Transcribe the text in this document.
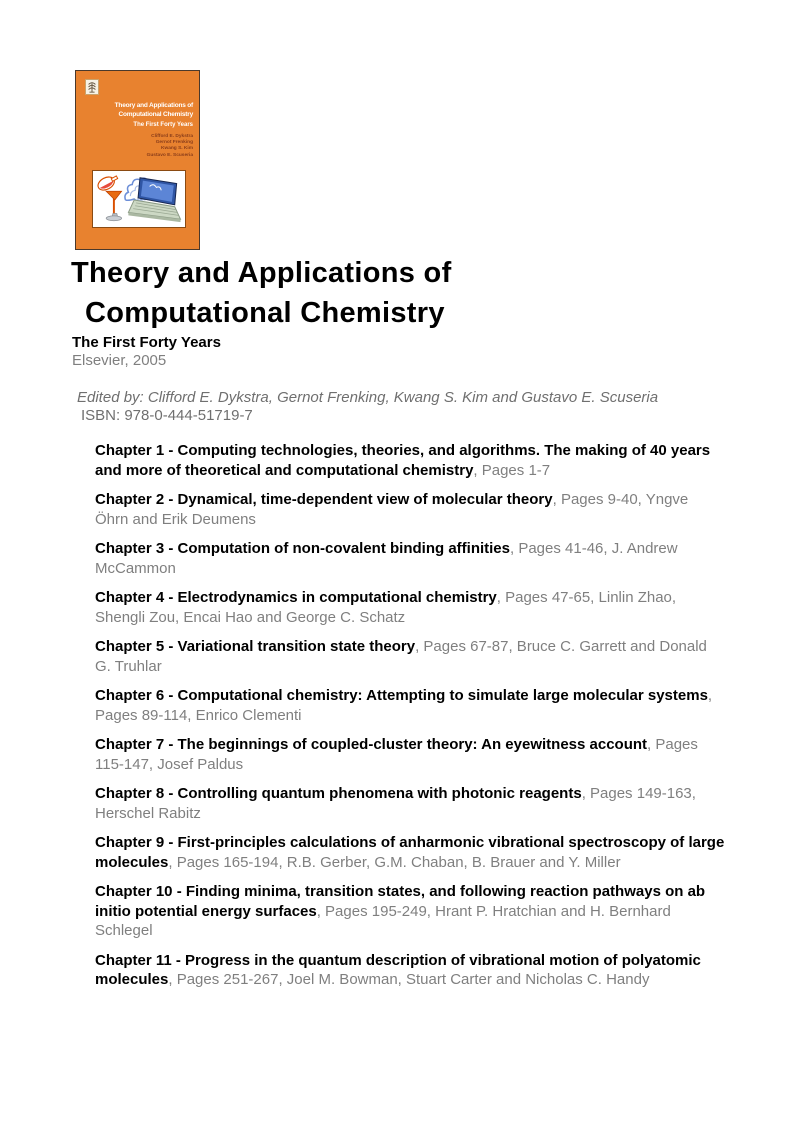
Theory and Applications of
Computational Chemistry
The First Forty Years
Clifford E. Dykstra
Gernot Frenking
Kwang S. Kim
Gustavo E. Scuseria
Theory and Applications of
Computational Chemistry
The First Forty Years
Elsevier, 2005
Edited by: Clifford E. Dykstra, Gernot Frenking, Kwang S. Kim and Gustavo E. Scuseria
ISBN: 978-0-444-51719-7

Chapter 1 - Computing technologies, theories, and algorithms. The making of 40 years and more of theoretical and computational chemistry, Pages 1-7

Chapter 2 - Dynamical, time-dependent view of molecular theory, Pages 9-40, Yngve Öhrn and Erik Deumens

Chapter 3 - Computation of non-covalent binding affinities, Pages 41-46, J. Andrew McCammon

Chapter 4 - Electrodynamics in computational chemistry, Pages 47-65, Linlin Zhao, Shengli Zou, Encai Hao and George C. Schatz

Chapter 5 - Variational transition state theory, Pages 67-87, Bruce C. Garrett and Donald G. Truhlar

Chapter 6 - Computational chemistry: Attempting to simulate large molecular systems, Pages 89-114, Enrico Clementi

Chapter 7 - The beginnings of coupled-cluster theory: An eyewitness account, Pages 115-147, Josef Paldus

Chapter 8 - Controlling quantum phenomena with photonic reagents, Pages 149-163, Herschel Rabitz

Chapter 9 - First-principles calculations of anharmonic vibrational spectroscopy of large molecules, Pages 165-194, R.B. Gerber, G.M. Chaban, B. Brauer and Y. Miller

Chapter 10 - Finding minima, transition states, and following reaction pathways on ab initio potential energy surfaces, Pages 195-249, Hrant P. Hratchian and H. Bernhard Schlegel

Chapter 11 - Progress in the quantum description of vibrational motion of polyatomic molecules, Pages 251-267, Joel M. Bowman, Stuart Carter and Nicholas C. Handy
